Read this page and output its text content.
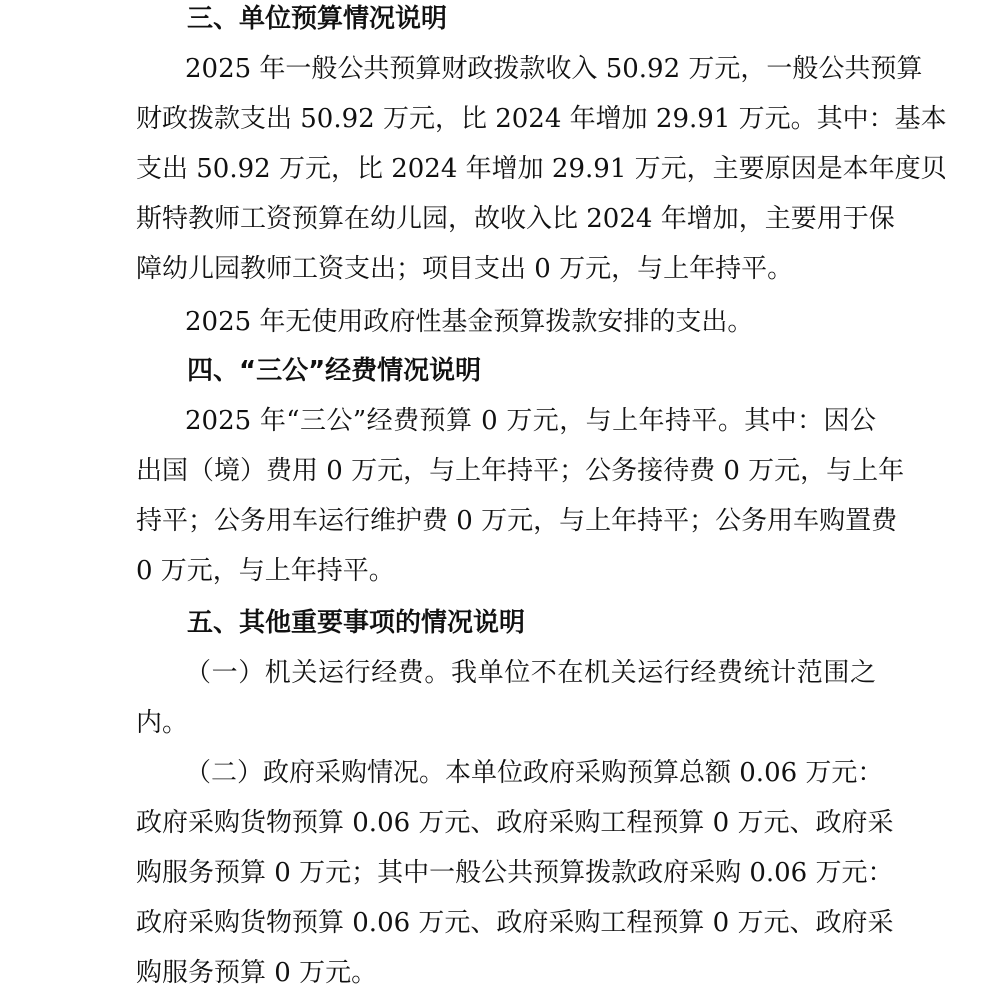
三、单位预算情况说明
2025 年一般公共预算财政拨款收入 50.92 万元，一般公共预算
财政拨款支出 50.92 万元，比 2024 年增加 29.91 万元。其中：基本
支出 50.92 万元，比 2024 年增加 29.91 万元，主要原因是本年度贝
斯特教师工资预算在幼儿园，故收入比 2024 年增加，主要用于保
障幼儿园教师工资支出；项目支出 0 万元，与上年持平。
2025 年无使用政府性基金预算拨款安排的支出。
四、“三公”经费情况说明
2025 年“三公”经费预算 0 万元，与上年持平。其中：因公
出国（境）费用 0 万元，与上年持平；公务接待费 0 万元，与上年
持平；公务用车运行维护费 0 万元，与上年持平；公务用车购置费
0 万元，与上年持平。
五、其他重要事项的情况说明
（一）机关运行经费。我单位不在机关运行经费统计范围之
内。
（二）政府采购情况。本单位政府采购预算总额 0.06 万元：
政府采购货物预算 0.06 万元、政府采购工程预算 0 万元、政府采
购服务预算 0 万元；其中一般公共预算拨款政府采购 0.06 万元：
政府采购货物预算 0.06 万元、政府采购工程预算 0 万元、政府采
购服务预算 0 万元。
